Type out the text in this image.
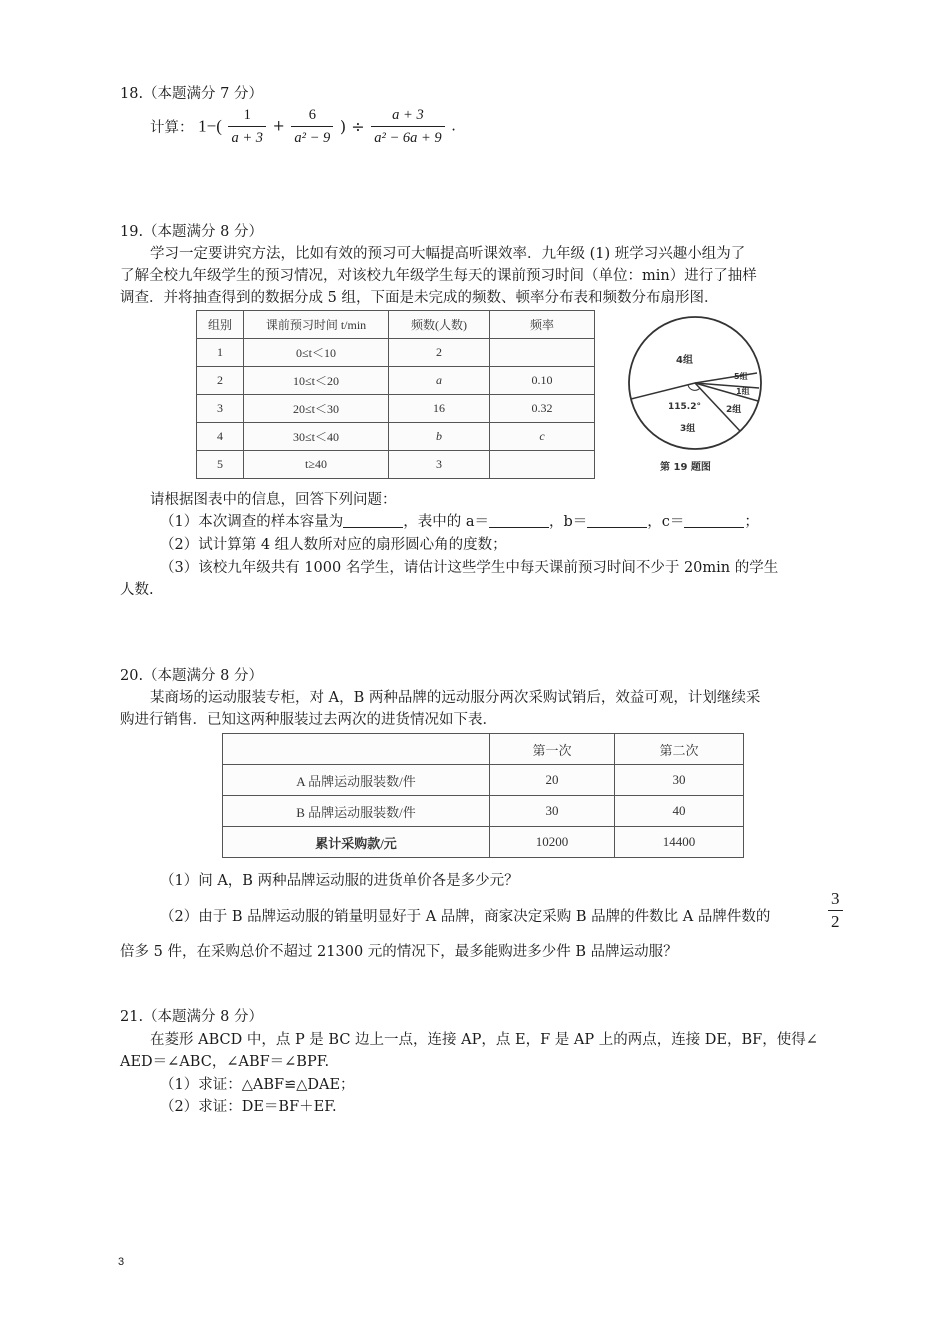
18.（本题满分 7 分）
计算： $1-( \frac{1}{a + 3} + \frac{6}{\text{a² − 9}}$ ) ÷ $\frac{a + 3}{\text{a² − 6a + 9}}$ .
19.（本题满分 8 分）
学习一定要讲究方法，比如有效的预习可大幅提高听课效率．九年级 (1) 班学习兴趣小组为了
了解全校九年级学生的预习情况，对该校九年级学生每天的课前预习时间（单位：min）进行了抽样
调查．并将抽查得到的数据分成 5 组，下面是未完成的频数、顿率分布表和频数分布扇形图．
组别	课前预习时间 t/min	频数(人数)	频率
1	0≤t＜10	2	
2	10≤t＜20	a	0.10
3	20≤t＜30	16	0.32
4	30≤t＜40	b	c
5	t≥40	3	
4组
5组
1组
2组
115.2°
3组
第 19 题图
请根据图表中的信息，回答下列问题：
（1）本次调查的样本容量为	，表中的 a＝	，b＝	，c＝	；
（2）试计算第 4 组人数所对应的扇形圆心角的度数；
（3）该校九年级共有 1000 名学生，请估计这些学生中每天课前预习时间不少于 20min 的学生
人数.
20.（本题满分 8 分）
某商场的运动服装专柜，对 A，B 两种品牌的远动服分两次采购试销后，效益可观，计划继续采
购进行销售．已知这两种服装过去两次的进货情况如下表．
	第一次	第二次
A 品牌运动服装数/件	20	30
B 品牌运动服装数/件	30	40
累计采购款/元	10200	14400
（1）问 A，B 两种品牌运动服的进货单价各是多少元？
（2）由于 B 品牌运动服的销量明显好于 A 品牌，商家决定采购 B 品牌的件数比 A 品牌件数的	$\frac{3}{2}$
倍多 5 件，在采购总价不超过 21300 元的情况下，最多能购进多少件 B 品牌运动服？
21.（本题满分 8 分）
在菱形 ABCD 中，点 P 是 BC 边上一点，连接 AP，点 E，F 是 AP 上的两点，连接 DE，BF，使得∠
AED＝∠ABC，∠ABF＝∠BPF.
（1）求证：△ABF≌△DAE；
（2）求证：DE＝BF＋EF.
3
